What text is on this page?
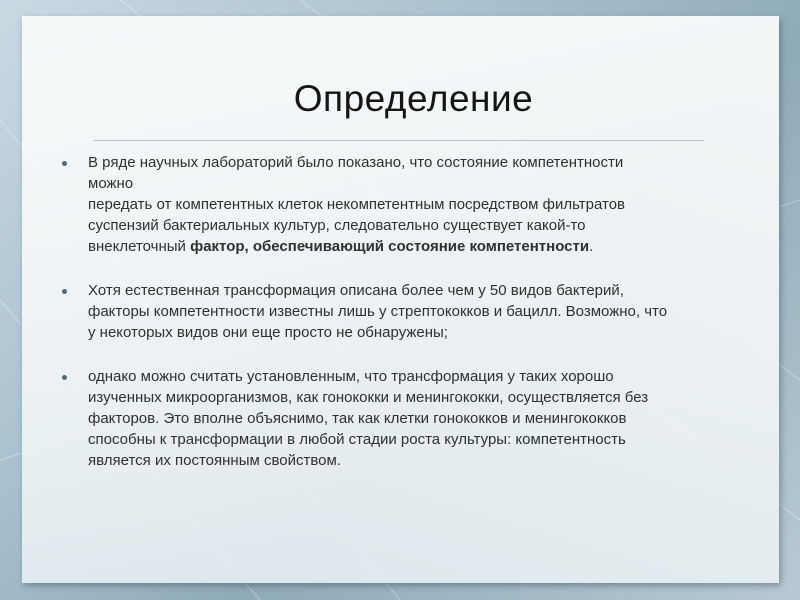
Определение
В ряде научных лабораторий было показано, что состояние компетентности
можно
передать от компетентных клеток некомпетентным посредством фильтратов
суспензий бактериальных культур, следовательно существует какой-то
внеклеточный фактор, обеспечивающий состояние компетентности.
Хотя естественная трансформация описана более чем у 50 видов бактерий,
факторы компетентности известны лишь у стрептококков и бацилл. Возможно, что
у некоторых видов они еще просто не обнаружены;
однако можно считать установленным, что трансформация у таких хорошо
изученных микроорганизмов, как гонококки и менингококки, осуществляется без
факторов. Это вполне объяснимо, так как клетки гонококков и менингококков
способны к трансформации в любой стадии роста культуры: компетентность
является их постоянным свойством.
